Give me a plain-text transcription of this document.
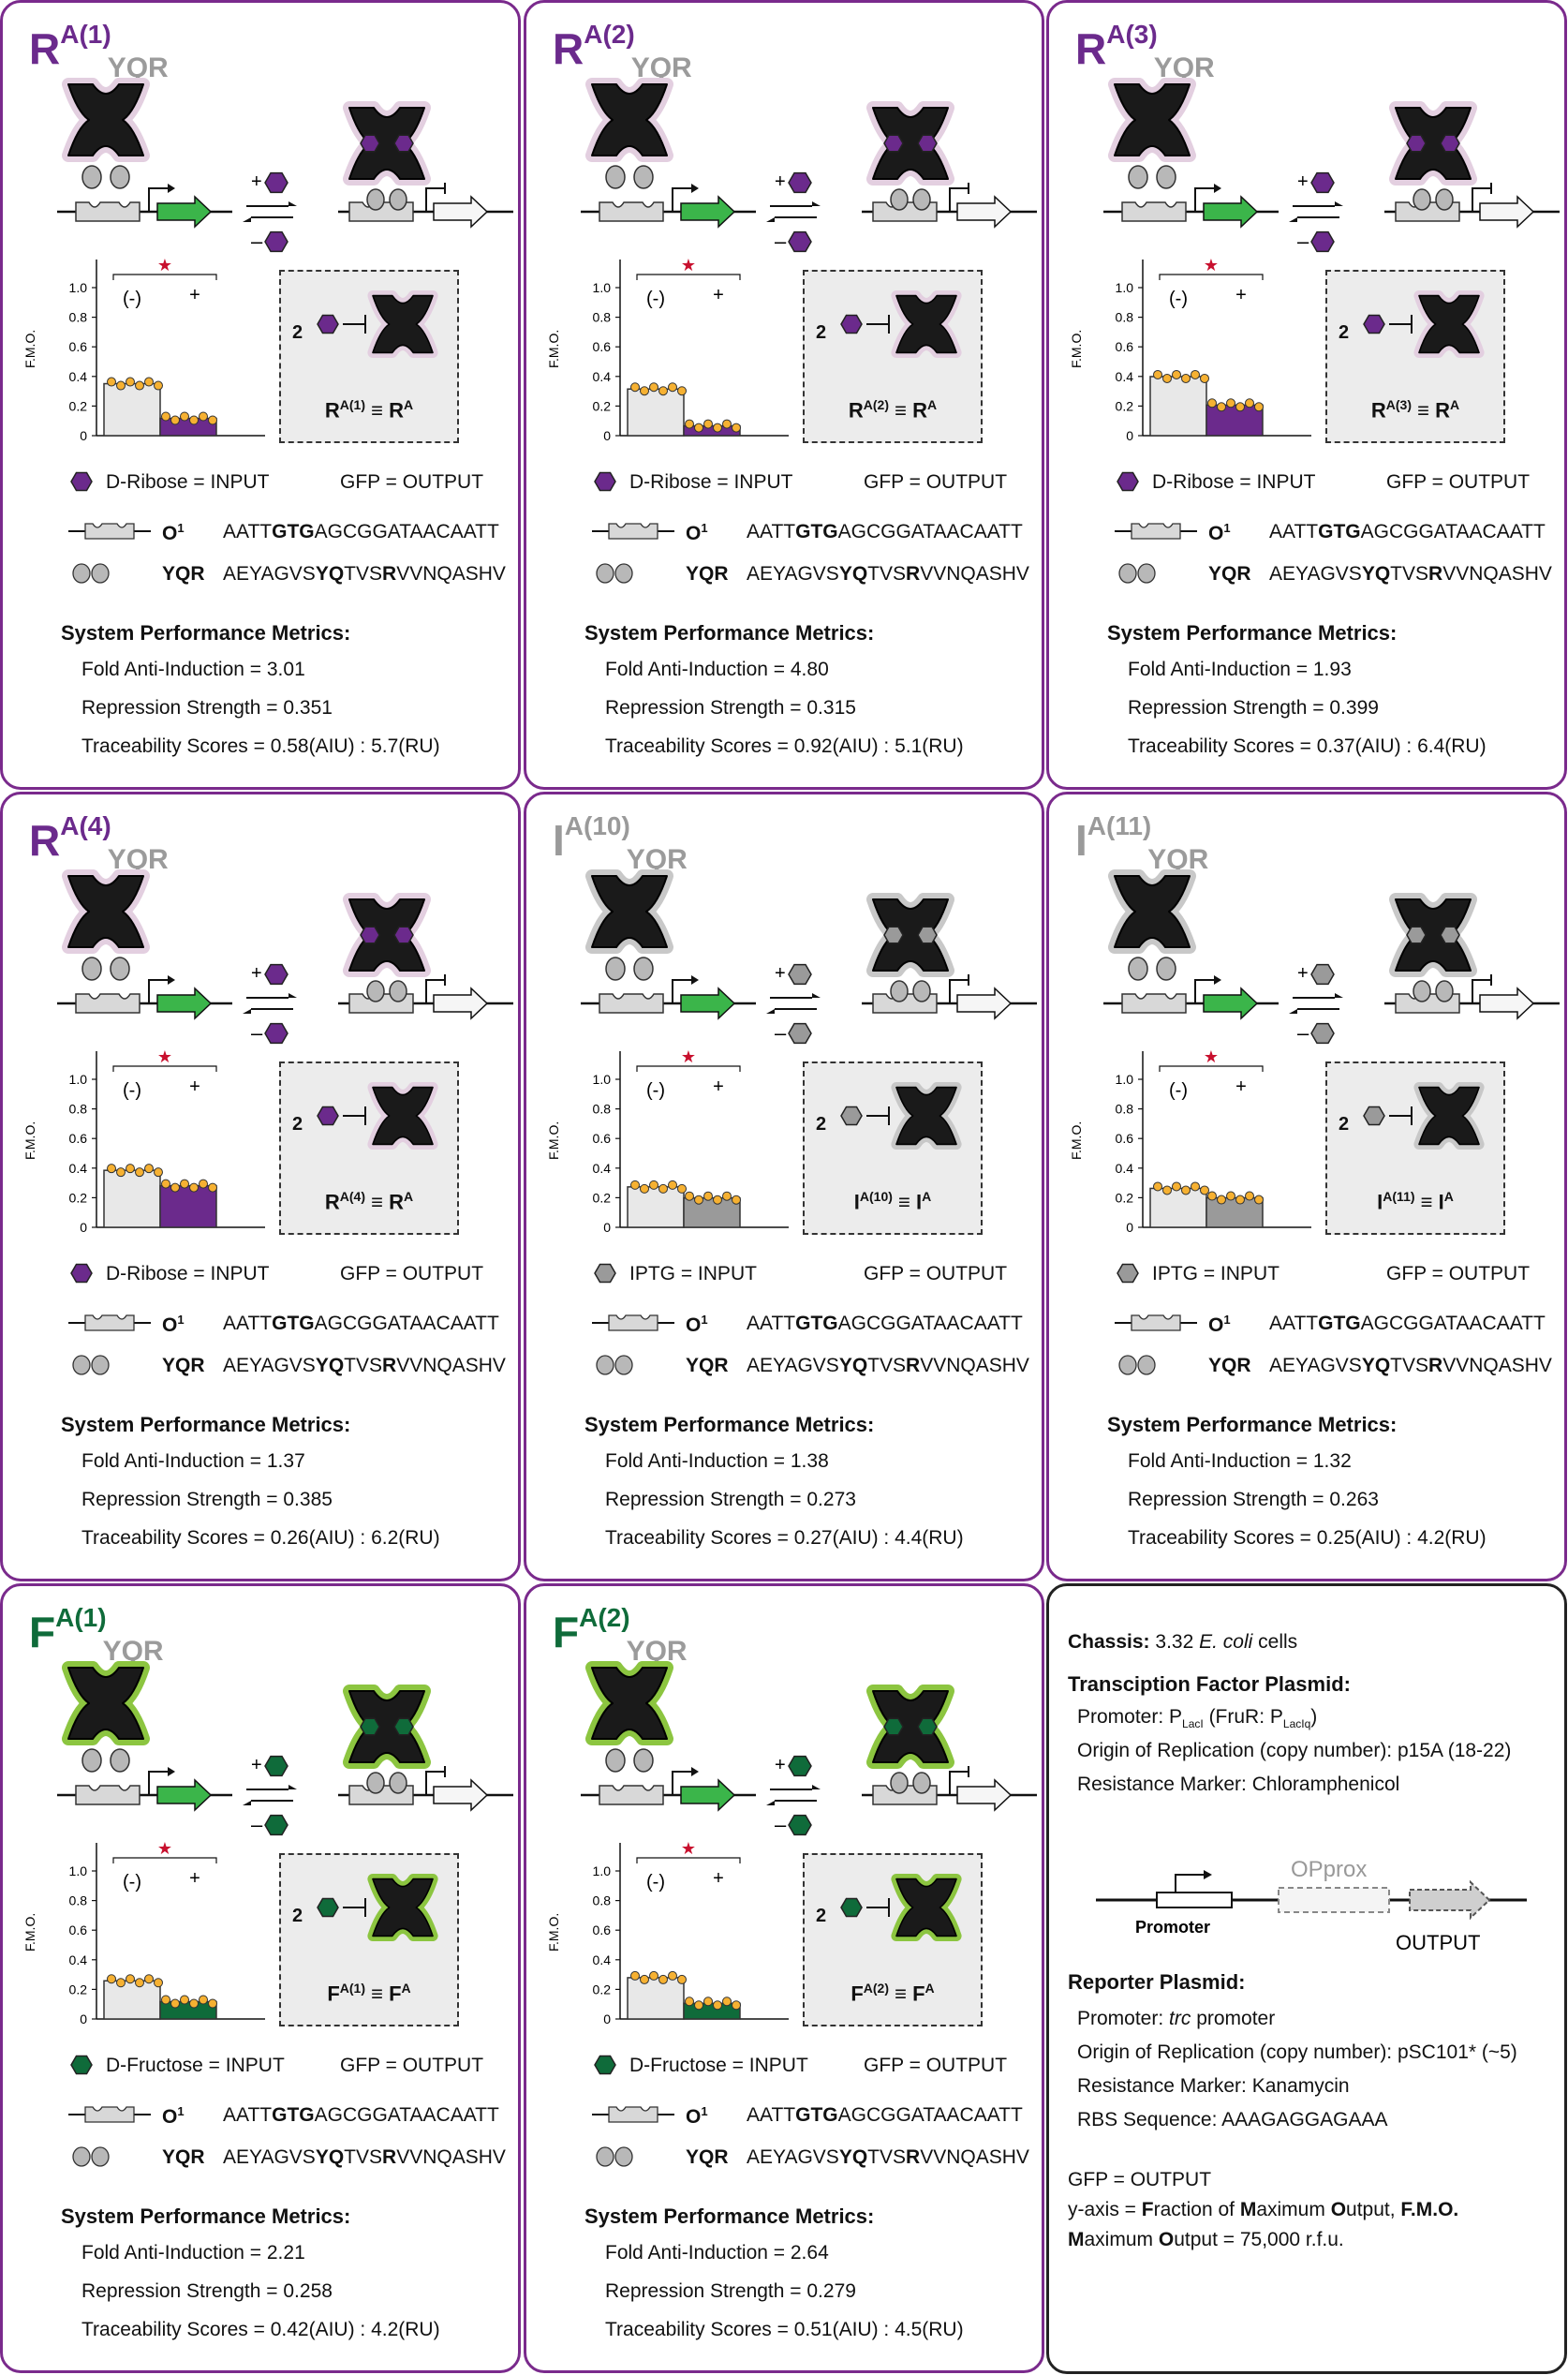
RA(1)YQR
+
–
F.M.O.
1.0
0.8
0.6
0.4
0.2
0
★
(-)	+
2
$R^{A(1)} \equiv R^A$
D-Ribose = INPUT	GFP = OUTPUT
$O^1$ AATTGTGAGCGGATAACAATT
YQR AEYAGVSYQTVSRVVNQASHV
System Performance Metrics:
Fold Anti-Induction = 3.01
Repression Strength = 0.351
Traceability Scores = 0.58(AIU) : 5.7(RU)
RA(2)YQR
+
–
F.M.O.
1.0
0.8
0.6
0.4
0.2
0
★
(-)	+
2
$R^{A(2)} \equiv R^A$
D-Ribose = INPUT	GFP = OUTPUT
$O^1$ AATTGTGAGCGGATAACAATT
YQR AEYAGVSYQTVSRVVNQASHV
System Performance Metrics:
Fold Anti-Induction = 4.80
Repression Strength = 0.315
Traceability Scores = 0.92(AIU) : 5.1(RU)
RA(3)YQR
+
–
F.M.O.
1.0
0.8
0.6
0.4
0.2
0
★
(-)	+
2
$R^{A(3)} \equiv R^A$
D-Ribose = INPUT	GFP = OUTPUT
$O^1$ AATTGTGAGCGGATAACAATT
YQR AEYAGVSYQTVSRVVNQASHV
System Performance Metrics:
Fold Anti-Induction = 1.93
Repression Strength = 0.399
Traceability Scores = 0.37(AIU) : 6.4(RU)
RA(4)YQR
+
–
F.M.O.
1.0
0.8
0.6
0.4
0.2
0
★
(-)	+
2
$R^{A(4)} \equiv R^A$
D-Ribose = INPUT	GFP = OUTPUT
$O^1$ AATTGTGAGCGGATAACAATT
YQR AEYAGVSYQTVSRVVNQASHV
System Performance Metrics:
Fold Anti-Induction = 1.37
Repression Strength = 0.385
Traceability Scores = 0.26(AIU) : 6.2(RU)
IA(10)YQR
+
–
F.M.O.
1.0
0.8
0.6
0.4
0.2
0
★
(-)	+
2
$I^{A(10)} \equiv I^A$
IPTG = INPUT	GFP = OUTPUT
$O^1$ AATTGTGAGCGGATAACAATT
YQR AEYAGVSYQTVSRVVNQASHV
System Performance Metrics:
Fold Anti-Induction = 1.38
Repression Strength = 0.273
Traceability Scores = 0.27(AIU) : 4.4(RU)
IA(11)YQR
+
–
F.M.O.
1.0
0.8
0.6
0.4
0.2
0
★
(-)	+
2
$I^{A(11)} \equiv I^A$
IPTG = INPUT	GFP = OUTPUT
$O^1$ AATTGTGAGCGGATAACAATT
YQR AEYAGVSYQTVSRVVNQASHV
System Performance Metrics:
Fold Anti-Induction = 1.32
Repression Strength = 0.263
Traceability Scores = 0.25(AIU) : 4.2(RU)
FA(1)YQR
+
–
F.M.O.
1.0
0.8
0.6
0.4
0.2
0
★
(-)	+
2
$F^{A(1)} \equiv F^A$
D-Fructose = INPUT	GFP = OUTPUT
$O^1$ AATTGTGAGCGGATAACAATT
YQR AEYAGVSYQTVSRVVNQASHV
System Performance Metrics:
Fold Anti-Induction = 2.21
Repression Strength = 0.258
Traceability Scores = 0.42(AIU) : 4.2(RU)
FA(2)YQR
+
–
F.M.O.
1.0
0.8
0.6
0.4
0.2
0
★
(-)	+
2
$F^{A(2)} \equiv F^A$
D-Fructose = INPUT	GFP = OUTPUT
$O^1$ AATTGTGAGCGGATAACAATT
YQR AEYAGVSYQTVSRVVNQASHV
System Performance Metrics:
Fold Anti-Induction = 2.64
Repression Strength = 0.279
Traceability Scores = 0.51(AIU) : 4.5(RU)
Chassis: 3.32 E. coli cells
Transciption Factor Plasmid:
Promoter: $P_{LacI}$ (FruR: $P_{LacIq}$)
Origin of Replication (copy number): p15A (18-22)
Resistance Marker: Chloramphenicol
Promoter
OPprox
OUTPUT
Reporter Plasmid:
Promoter: trc promoter
Origin of Replication (copy number): pSC101* (~5)
Resistance Marker: Kanamycin
RBS Sequence: AAAGAGGAGAAA
GFP = OUTPUT
y-axis = Fraction of Maximum Output, F.M.O.
Maximum Output = 75,000 r.f.u.
